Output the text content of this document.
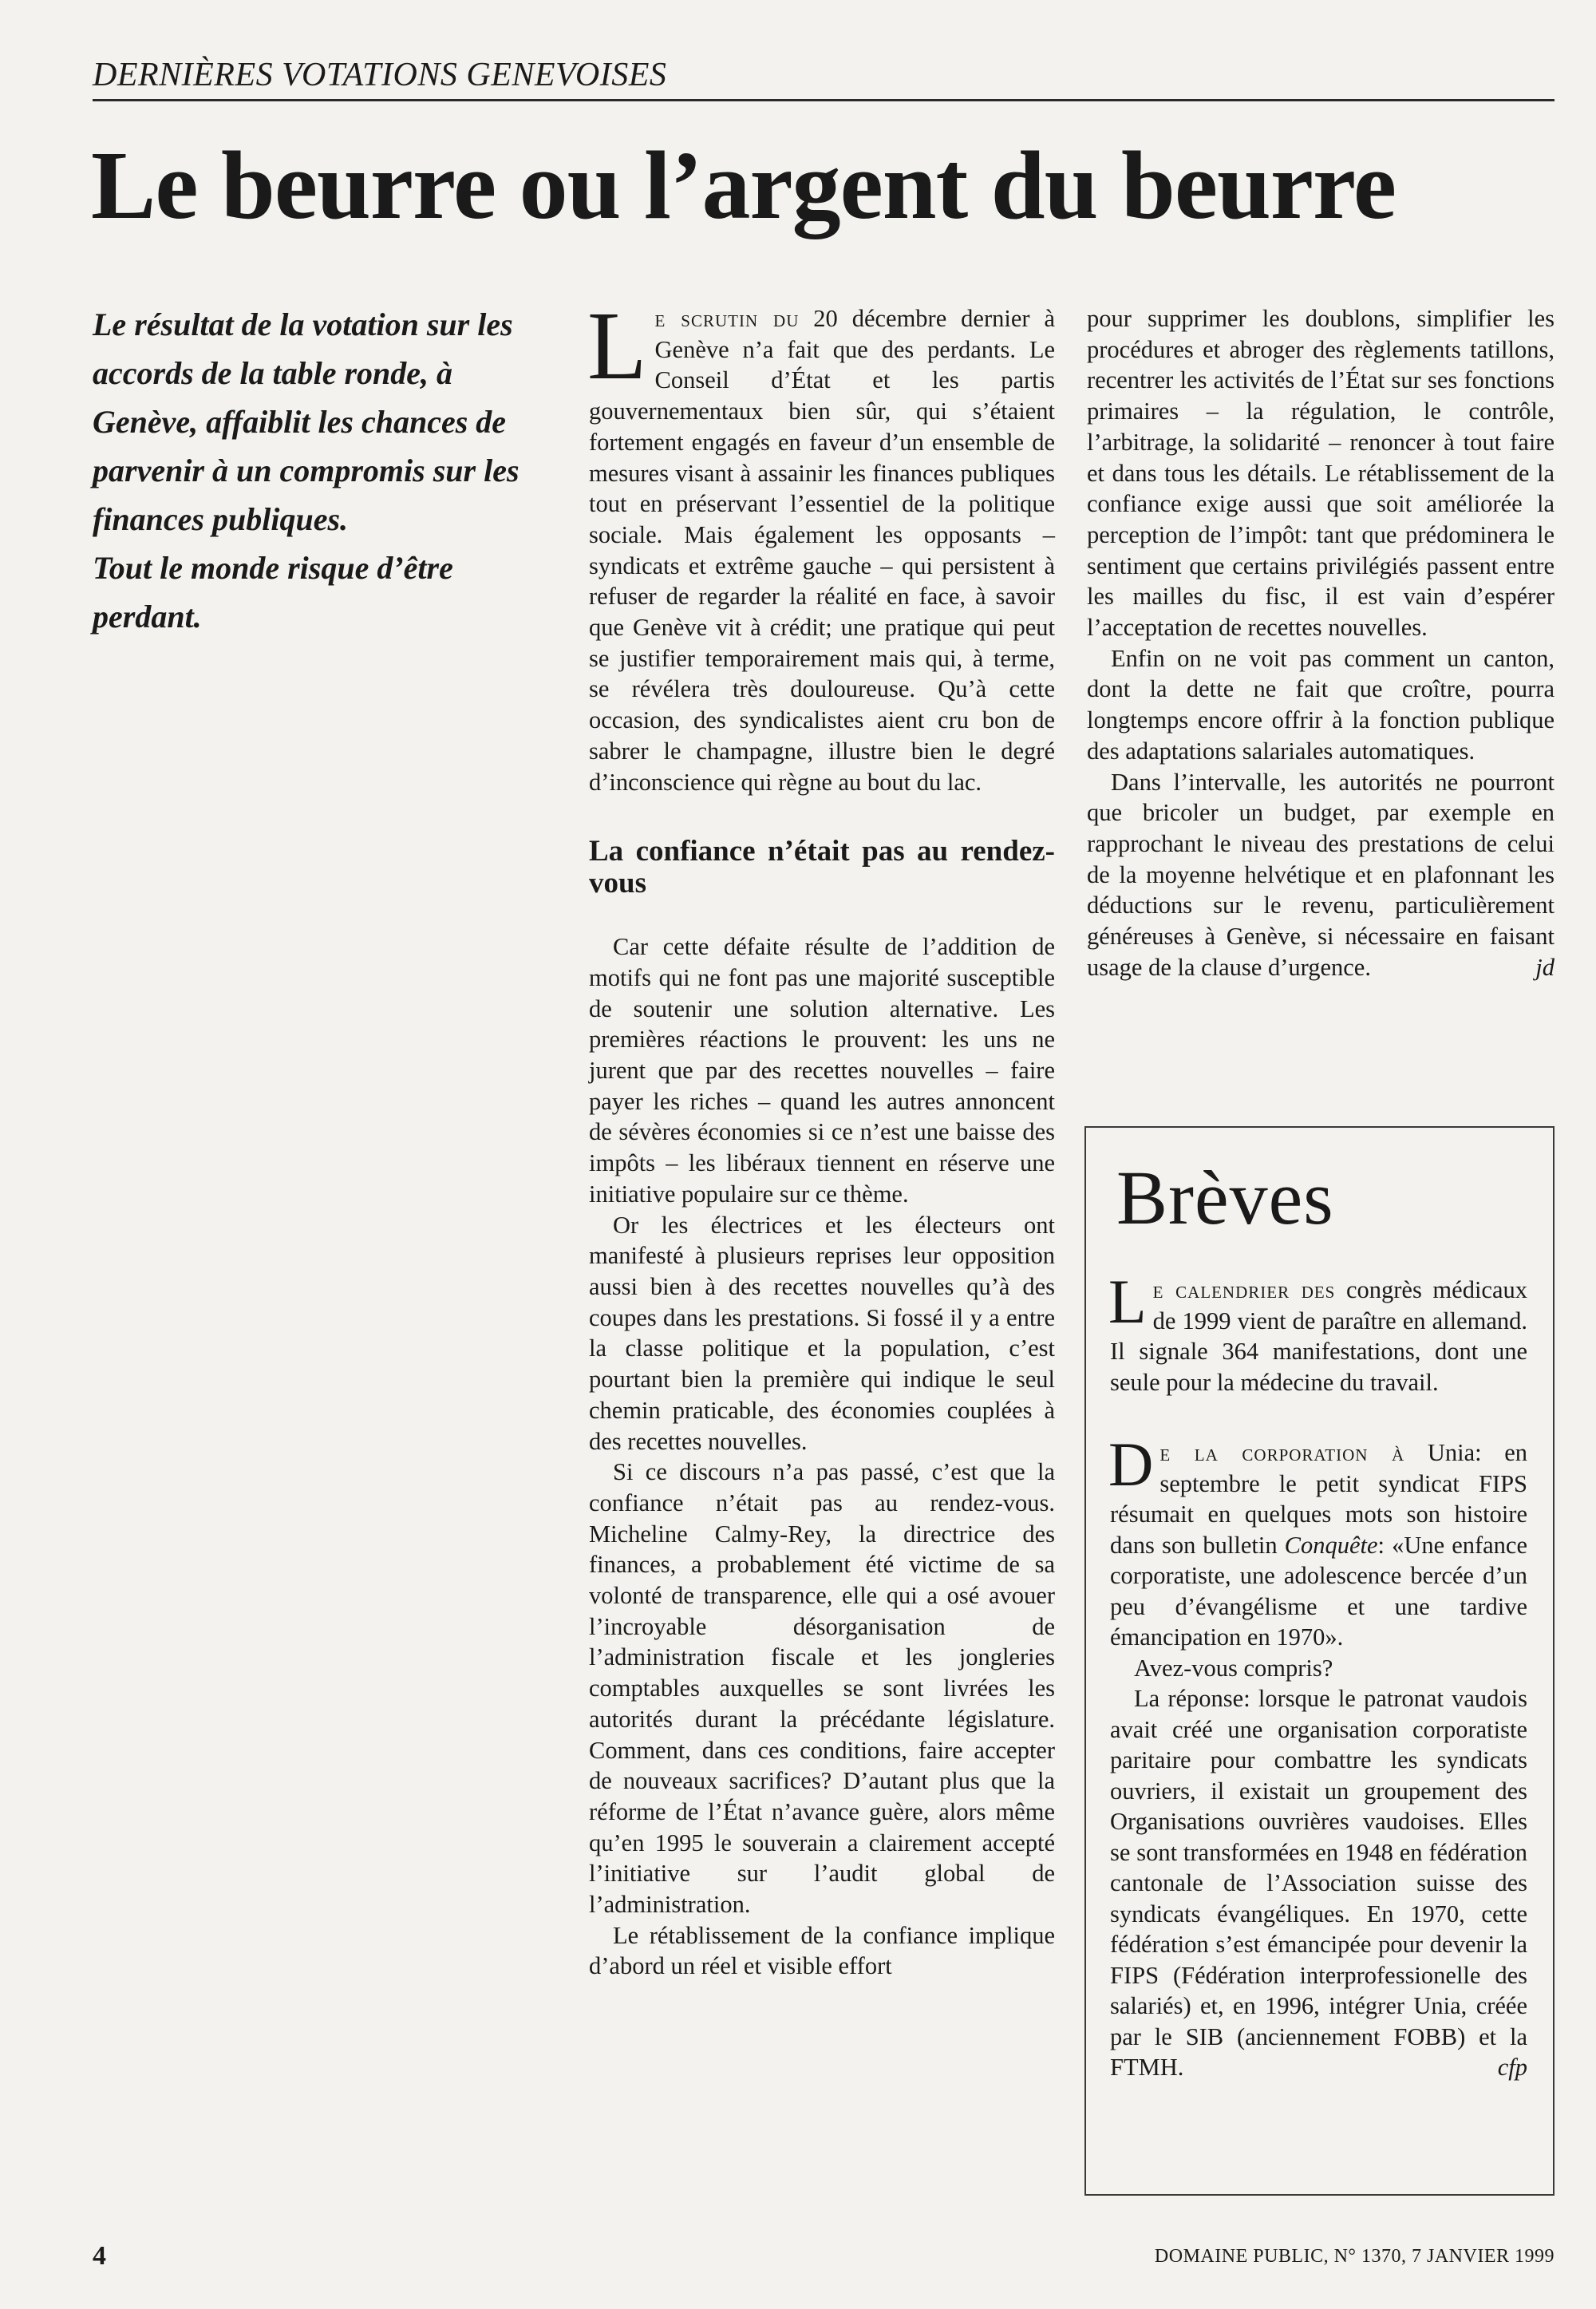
DERNIÈRES VOTATIONS GENEVOISES
Le beurre ou l’argent du beurre

Le résultat de la votation sur les accords de la table ronde, à Genève, affaiblit les chances de parvenir à un compromis sur les finances publiques.

Tout le monde risque d’être perdant.

Le scrutin du 20 décembre dernier à Genève n’a fait que des perdants. Le Conseil d’État et les partis gouvernementaux bien sûr, qui s’étaient fortement engagés en faveur d’un ensemble de mesures visant à assainir les finances publiques tout en préservant l’essentiel de la politique sociale. Mais également les opposants – syndicats et extrême gauche – qui persistent à refuser de regarder la réalité en face, à savoir que Genève vit à crédit; une pratique qui peut se justifier temporairement mais qui, à terme, se révélera très douloureuse. Qu’à cette occasion, des syndicalistes aient cru bon de sabrer le champagne, illustre bien le degré d’inconscience qui règne au bout du lac.

La confiance n’était pas au rendez-vous

Car cette défaite résulte de l’addition de motifs qui ne font pas une majorité susceptible de soutenir une solution alternative. Les premières réactions le prouvent: les uns ne jurent que par des recettes nouvelles – faire payer les riches – quand les autres annoncent de sévères économies si ce n’est une baisse des impôts – les libéraux tiennent en réserve une initiative populaire sur ce thème.

Or les électrices et les électeurs ont manifesté à plusieurs reprises leur opposition aussi bien à des recettes nouvelles qu’à des coupes dans les prestations. Si fossé il y a entre la classe politique et la population, c’est pourtant bien la première qui indique le seul chemin praticable, des économies couplées à des recettes nouvelles.

Si ce discours n’a pas passé, c’est que la confiance n’était pas au rendez-vous. Micheline Calmy-Rey, la directrice des finances, a probablement été victime de sa volonté de transparence, elle qui a osé avouer l’incroyable désorganisation de l’administration fiscale et les jongleries comptables auxquelles se sont livrées les autorités durant la précédante législature. Comment, dans ces conditions, faire accepter de nouveaux sacrifices? D’autant plus que la réforme de l’État n’avance guère, alors même qu’en 1995 le souverain a clairement accepté l’initiative sur l’audit global de l’administration.

Le rétablissement de la confiance implique d’abord un réel et visible effort

pour supprimer les doublons, simplifier les procédures et abroger des règlements tatillons, recentrer les activités de l’État sur ses fonctions primaires – la régulation, le contrôle, l’arbitrage, la solidarité – renoncer à tout faire et dans tous les détails. Le rétablissement de la confiance exige aussi que soit améliorée la perception de l’impôt: tant que prédominera le sentiment que certains privilégiés passent entre les mailles du fisc, il est vain d’espérer l’acceptation de recettes nouvelles.

Enfin on ne voit pas comment un canton, dont la dette ne fait que croître, pourra longtemps encore offrir à la fonction publique des adaptations salariales automatiques.

Dans l’intervalle, les autorités ne pourront que bricoler un budget, par exemple en rapprochant le niveau des prestations de celui de la moyenne helvétique et en plafonnant les déductions sur le revenu, particulièrement généreuses à Genève, si nécessaire en faisant usage de la clause d’urgence.	jd

Brèves

Le calendrier des congrès médicaux de 1999 vient de paraître en allemand. Il signale 364 manifestations, dont une seule pour la médecine du travail.

De la corporation à Unia: en septembre le petit syndicat FIPS résumait en quelques mots son histoire dans son bulletin Conquête: «Une enfance corporatiste, une adolescence bercée d’un peu d’évangélisme et une tardive émancipation en 1970».

Avez-vous compris?

La réponse: lorsque le patronat vaudois avait créé une organisation corporatiste paritaire pour combattre les syndicats ouvriers, il existait un groupement des Organisations ouvrières vaudoises. Elles se sont transformées en 1948 en fédération cantonale de l’Association suisse des syndicats évangéliques. En 1970, cette fédération s’est émancipée pour devenir la FIPS (Fédération interprofessionelle des salariés) et, en 1996, intégrer Unia, créée par le SIB (anciennement FOBB) et la FTMH.	cfp

4	DOMAINE PUBLIC, N° 1370, 7 JANVIER 1999
